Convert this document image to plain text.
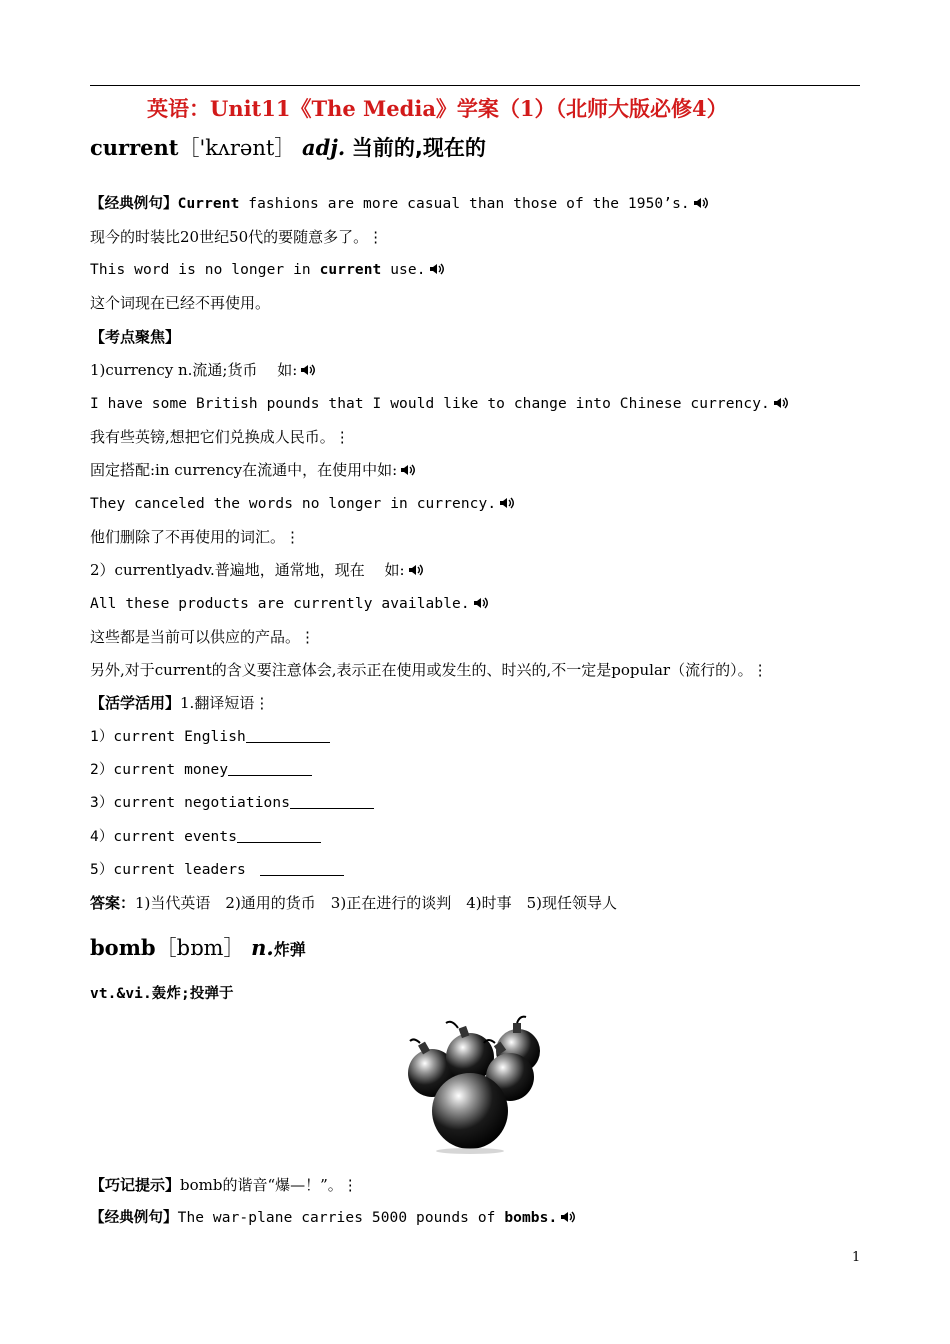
英语：Unit11《The Media》学案（1）（北师大版必修4）
current［'kʌrənt］ adj. 当前的,现在的
【经典例句】Current fashions are more casual than those of the 1950’s.
现今的时装比20世纪50代的要随意多了。⋮
This word is no longer in current use.
这个词现在已经不再使用。
【考点聚焦】
1)currency n.流通;货币　 如:
I have some British pounds that I would like to change into Chinese currency.
我有些英镑,想把它们兑换成人民币。⋮
固定搭配:in currency在流通中，在使用中如:
They canceled the words no longer in currency.
他们删除了不再使用的词汇。⋮
2）currentlyadv.普遍地，通常地，现在　 如:
All these products are currently available.
这些都是当前可以供应的产品。⋮
另外,对于current的含义要注意体会,表示正在使用或发生的、时兴的,不一定是popular（流行的）。⋮
【活学活用】1.翻译短语⋮
1）current English
2）current money
3）current negotiations
4）current events
5）current leaders　
答案：1)当代英语　2)通用的货币　3)正在进行的谈判　4)时事　5)现任领导人
bomb［bɒm］ n.炸弹
vt.&vi.轰炸;投弹于
【巧记提示】bomb的谐音“爆—！”。⋮
【经典例句】The war-plane carries 5000 pounds of bombs.
1
